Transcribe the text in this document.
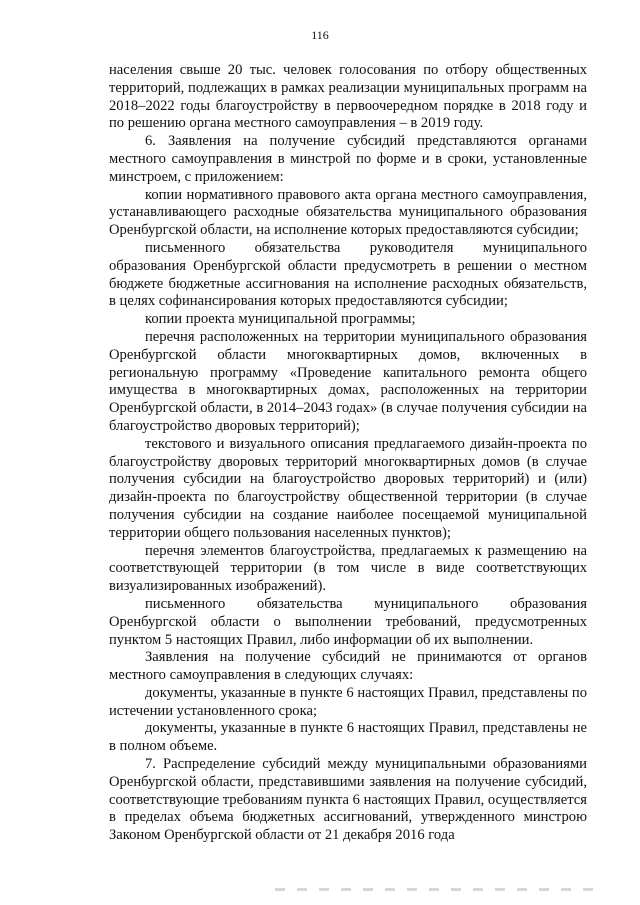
116

населения свыше 20 тыс. человек голосования по отбору общественных территорий, подлежащих в рамках реализации муниципальных программ на 2018–2022 годы благоустройству в первоочередном порядке в 2018 году и по решению органа местного самоуправления – в 2019 году.

6. Заявления на получение субсидий представляются органами местного самоуправления в минстрой по форме и в сроки, установленные минстроем, с приложением:

копии нормативного правового акта органа местного самоуправления, устанавливающего расходные обязательства муниципального образования Оренбургской области, на исполнение которых предоставляются субсидии;

письменного обязательства руководителя муниципального образования Оренбургской области предусмотреть в решении о местном бюджете бюджетные ассигнования на исполнение расходных обязательств, в целях софинансирования которых предоставляются субсидии;

копии проекта муниципальной программы;

перечня расположенных на территории муниципального образования Оренбургской области многоквартирных домов, включенных в региональную программу «Проведение капитального ремонта общего имущества в многоквартирных домах, расположенных на территории Оренбургской области, в 2014–2043 годах» (в случае получения субсидии на благоустройство дворовых территорий);

текстового и визуального описания предлагаемого дизайн-проекта по благоустройству дворовых территорий многоквартирных домов (в случае получения субсидии на благоустройство дворовых территорий) и (или) дизайн-проекта по благоустройству общественной территории (в случае получения субсидии на создание наиболее посещаемой муниципальной территории общего пользования населенных пунктов);

перечня элементов благоустройства, предлагаемых к размещению на соответствующей территории (в том числе в виде соответствующих визуализированных изображений).

письменного обязательства муниципального образования Оренбургской области о выполнении требований, предусмотренных пунктом 5 настоящих Правил, либо информации об их выполнении.

Заявления на получение субсидий не принимаются от органов местного самоуправления в следующих случаях:

документы, указанные в пункте 6 настоящих Правил, представлены по истечении установленного срока;

документы, указанные в пункте 6 настоящих Правил, представлены не в полном объеме.

7. Распределение субсидий между муниципальными образованиями Оренбургской области, представившими заявления на получение субсидий, соответствующие требованиям пункта 6 настоящих Правил, осуществляется в пределах объема бюджетных ассигнований, утвержденного минстрою Законом Оренбургской области от 21 декабря 2016 года
